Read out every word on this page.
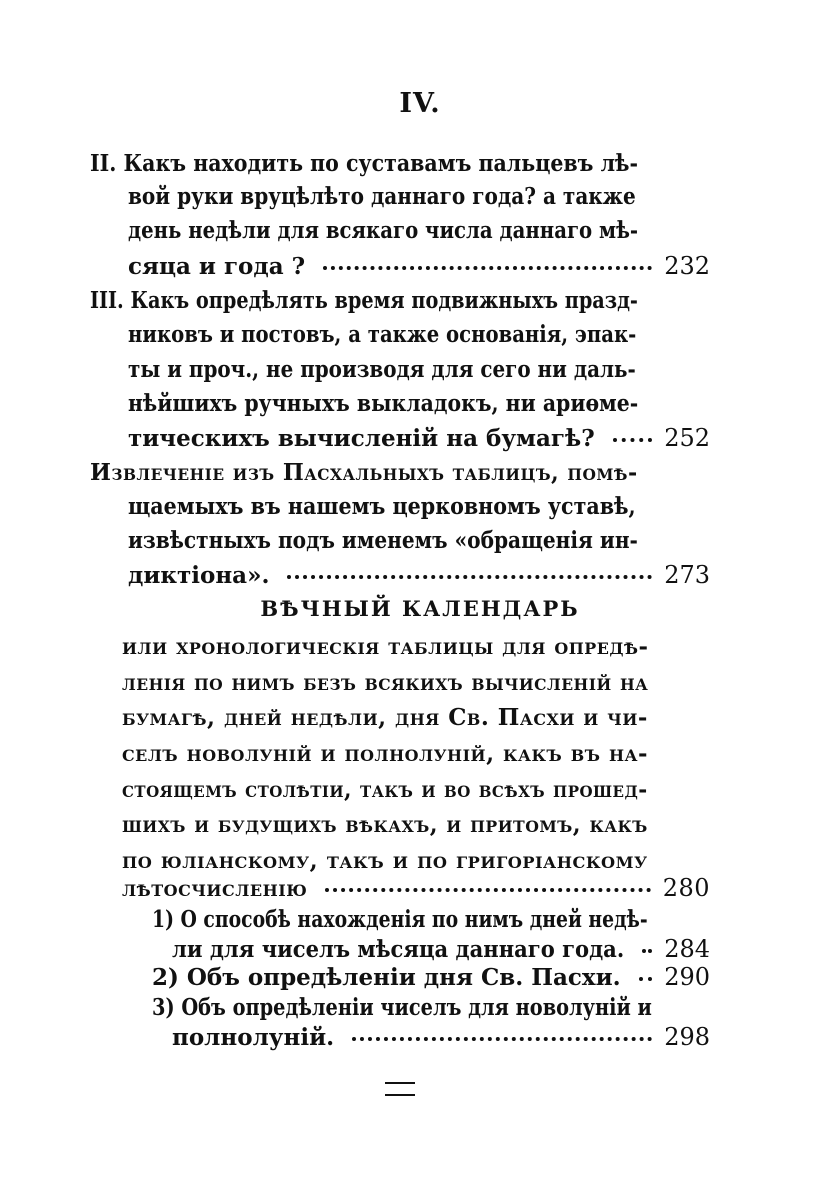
IV.
II. Какъ находить по суставамъ пальцевъ лѣ-
вой руки вруцѣлѣто даннаго года? а также
день недѣли для всякаго числа даннаго мѣ-
сяца и года ?	232
III. Какъ опредѣлять время подвижныхъ празд-
никовъ и постовъ, а также основанія, эпак-
ты и проч., не производя для сего ни даль-
нѣйшихъ ручныхъ выкладокъ, ни ариөме-
тическихъ вычисленій на бумагѣ?	252
Извлеченіе изъ Пасхальныхъ таблицъ, помѣ-
щаемыхъ въ нашемъ церковномъ уставѣ,
извѣстныхъ подъ именемъ «обращенія ин-
диктіона».	273
ВѢЧНЫЙ КАЛЕНДАРЬ
или хронологическія таблицы для опредѣ-
ленія по нимъ безъ всякихъ вычисленій на
бумагѣ, дней недѣли, дня Св. Пасхи и чи-
селъ новолуній и полнолуній, какъ въ на-
стоящемъ столѣтіи, такъ и во всѣхъ прошед-
шихъ и будущихъ вѣкахъ, и притомъ, какъ
по юліанскому, такъ и по григоріанскому
лѣтосчисленію	280
1) О способѣ нахожденія по нимъ дней недѣ-
ли для чиселъ мѣсяца даннаго года. 284
2) Объ опредѣленіи дня Св. Пасхи. 290
3) Объ опредѣленіи чиселъ для новолуній и
полнолуній.	298
